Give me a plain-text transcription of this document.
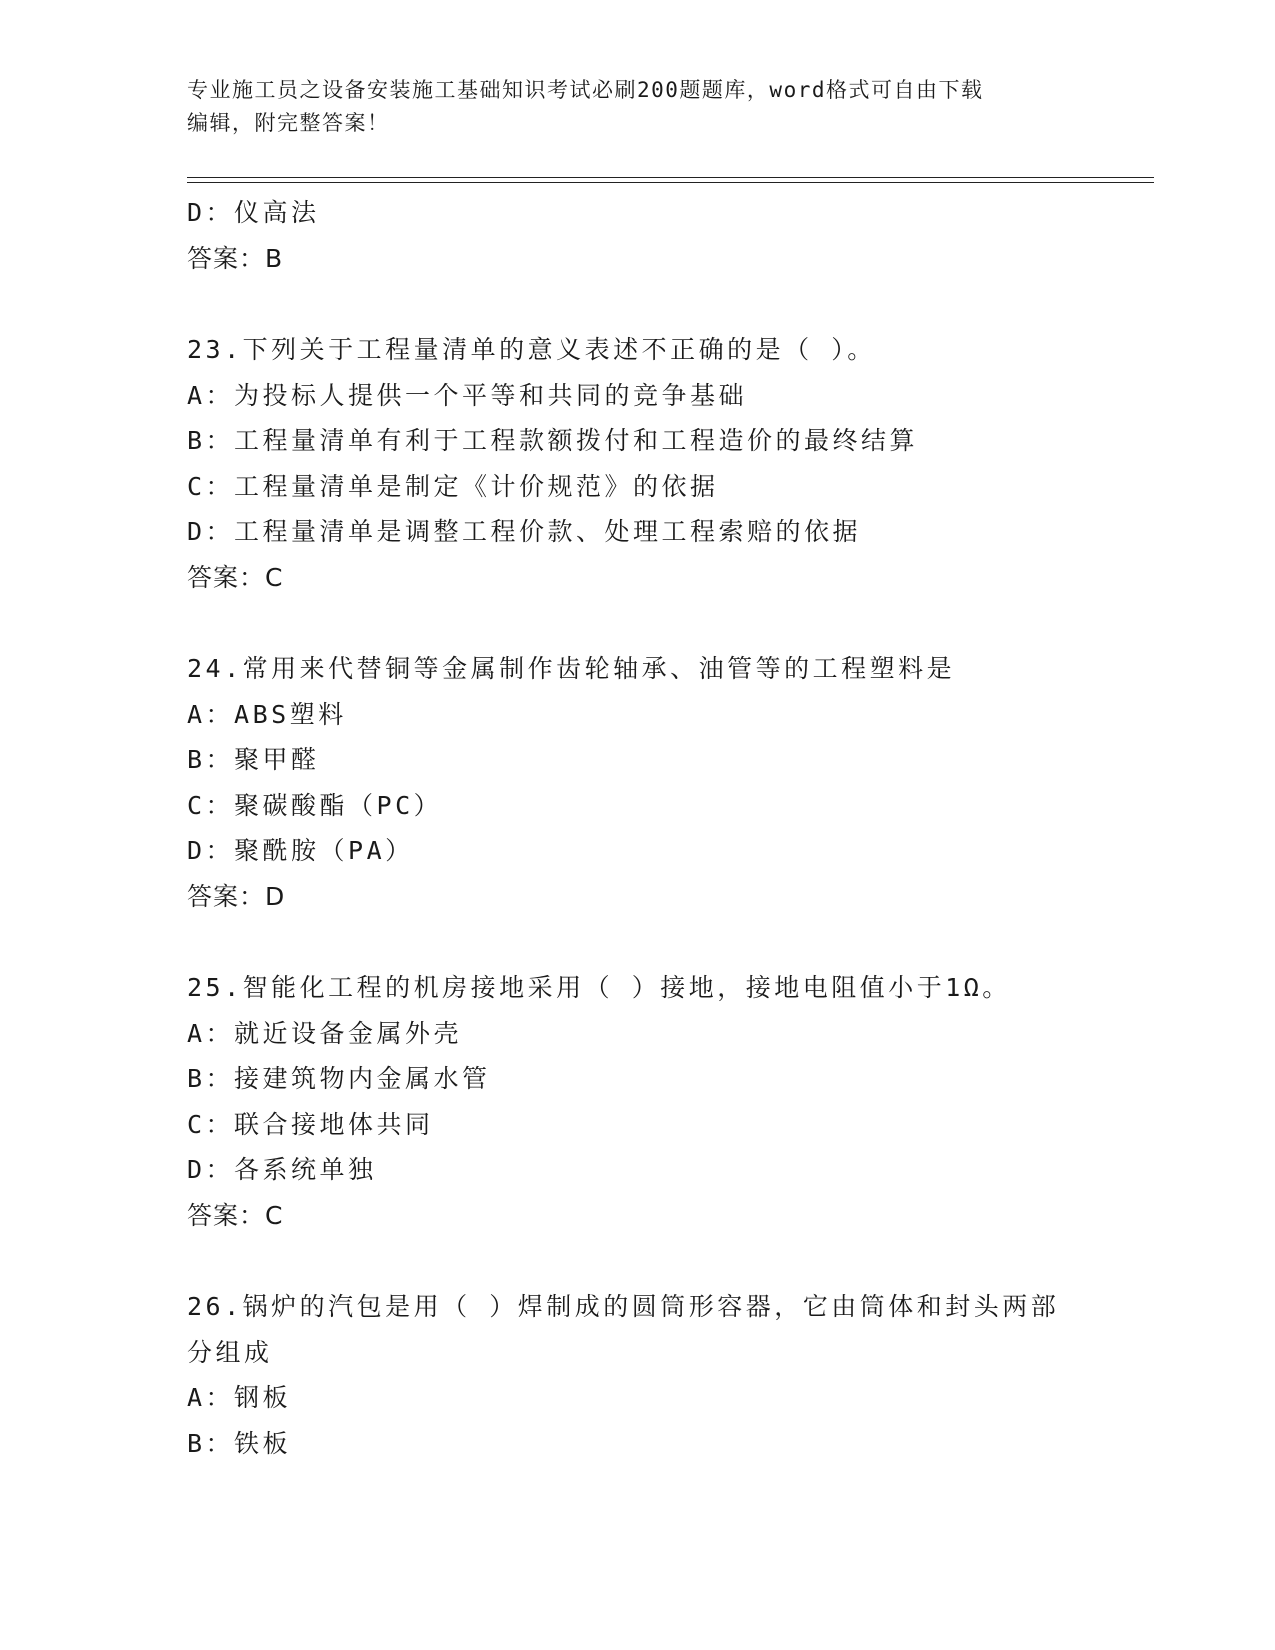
专业施工员之设备安装施工基础知识考试必刷200题题库，word格式可自由下载
编辑，附完整答案！
D：仪高法
答案：B
23.下列关于工程量清单的意义表述不正确的是（ ）。
A：为投标人提供一个平等和共同的竞争基础
B：工程量清单有利于工程款额拨付和工程造价的最终结算
C：工程量清单是制定《计价规范》的依据
D：工程量清单是调整工程价款、处理工程索赔的依据
答案：C
24.常用来代替铜等金属制作齿轮轴承、油管等的工程塑料是
A：ABS塑料
B：聚甲醛
C：聚碳酸酯（PC）
D：聚酰胺（PA）
答案：D
25.智能化工程的机房接地采用（ ）接地，接地电阻值小于1Ω。
A：就近设备金属外壳
B：接建筑物内金属水管
C：联合接地体共同
D：各系统单独
答案：C
26.锅炉的汽包是用（ ）焊制成的圆筒形容器，它由筒体和封头两部
分组成
A：钢板
B：铁板
